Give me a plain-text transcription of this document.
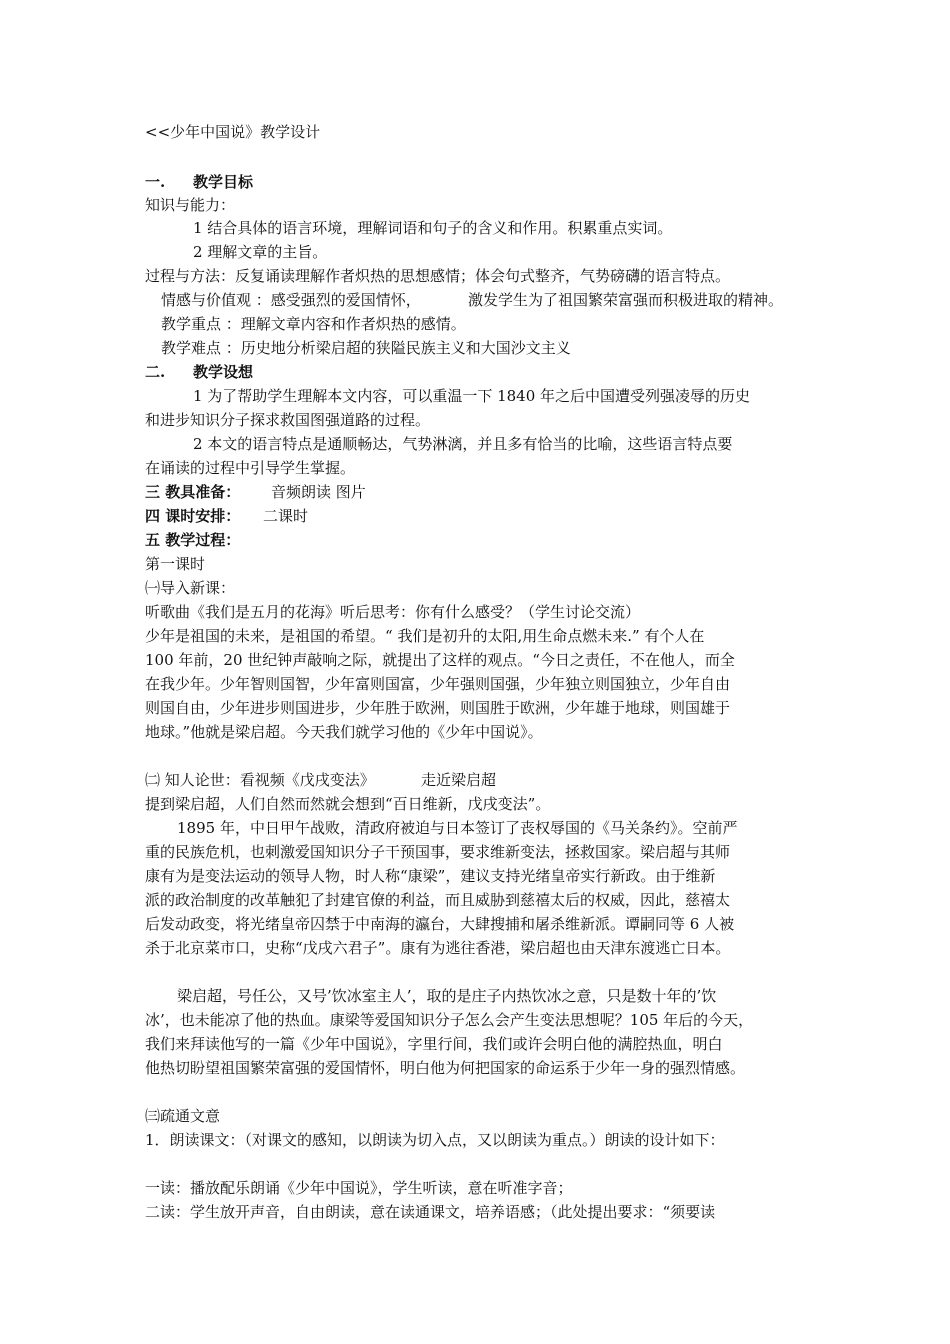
<<少年中国说》教学设计
一. 教学目标
知识与能力：
1 结合具体的语言环境，理解词语和句子的含义和作用。积累重点实词。
2 理解文章的主旨。
过程与方法：反复诵读理解作者炽热的思想感情；体会句式整齐，气势磅礴的语言特点。
情感与价值观 ：感受强烈的爱国情怀，	激发学生为了祖国繁荣富强而积极进取的精神。
教学重点 ：理解文章内容和作者炽热的感情。
教学难点 ：历史地分析梁启超的狭隘民族主义和大国沙文主义
二. 教学设想
1 为了帮助学生理解本文内容，可以重温一下 1840 年之后中国遭受列强凌辱的历史
和进步知识分子探求救国图强道路的过程。
2 本文的语言特点是通顺畅达，气势淋漓，并且多有恰当的比喻，这些语言特点要
在诵读的过程中引导学生掌握。
三 教具准备： 音频朗读 图片
四 课时安排： 二课时
五 教学过程：
第一课时
㈠导入新课：
听歌曲《我们是五月的花海》听后思考：你有什么感受？（学生讨论交流）
少年是祖国的未来，是祖国的希望。“ 我们是初升的太阳,用生命点燃未来.” 有个人在
100 年前，20 世纪钟声敲响之际，就提出了这样的观点。“今日之责任，不在他人，而全
在我少年。少年智则国智，少年富则国富，少年强则国强，少年独立则国独立，少年自由
则国自由，少年进步则国进步，少年胜于欧洲，则国胜于欧洲，少年雄于地球，则国雄于
地球。”他就是梁启超。今天我们就学习他的《少年中国说》。
㈡ 知人论世：看视频《戊戌变法》	走近梁启超
提到梁启超，人们自然而然就会想到“百日维新，戊戌变法”。
1895 年，中日甲午战败，清政府被迫与日本签订了丧权辱国的《马关条约》。空前严
重的民族危机，也刺激爱国知识分子干预国事，要求维新变法，拯救国家。梁启超与其师
康有为是变法运动的领导人物，时人称“康梁”，建议支持光绪皇帝实行新政。由于维新
派的政治制度的改革触犯了封建官僚的利益，而且威胁到慈禧太后的权威，因此，慈禧太
后发动政变，将光绪皇帝囚禁于中南海的瀛台，大肆搜捕和屠杀维新派。谭嗣同等 6 人被
杀于北京菜市口，史称“戊戌六君子”。康有为逃往香港，梁启超也由天津东渡逃亡日本。
梁启超，号任公，又号’饮冰室主人’，取的是庄子内热饮冰之意，只是数十年的’饮
冰’，也未能凉了他的热血。康梁等爱国知识分子怎么会产生变法思想呢？105 年后的今天，
我们来拜读他写的一篇《少年中国说》，字里行间，我们或许会明白他的满腔热血，明白
他热切盼望祖国繁荣富强的爱国情怀，明白他为何把国家的命运系于少年一身的强烈情感。
㈢疏通文意
1．朗读课文：（对课文的感知，以朗读为切入点，又以朗读为重点。）朗读的设计如下：
一读：播放配乐朗诵《少年中国说》，学生听读，意在听准字音；
二读：学生放开声音，自由朗读，意在读通课文，培养语感；（此处提出要求：“须要读
